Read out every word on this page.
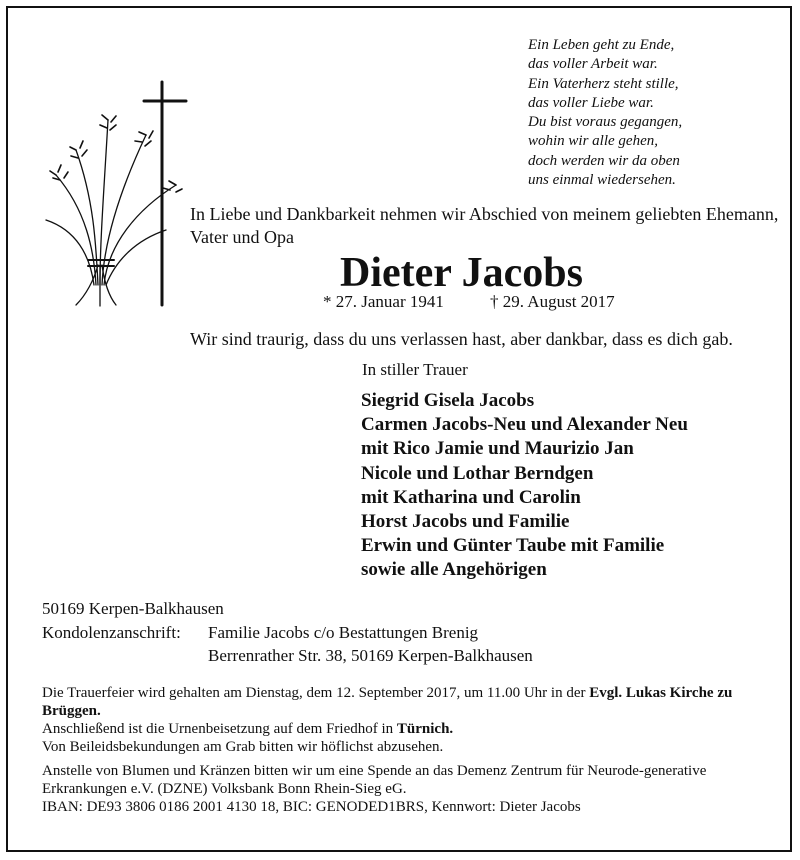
Ein Leben geht zu Ende,
das voller Arbeit war.
Ein Vaterherz steht stille,
das voller Liebe war.
Du bist voraus gegangen,
wohin wir alle gehen,
doch werden wir da oben
uns einmal wiedersehen.
In Liebe und Dankbarkeit nehmen wir Abschied von meinem geliebten Ehemann, Vater und Opa
Dieter Jacobs
* 27. Januar 1941	† 29. August 2017
Wir sind traurig, dass du uns verlassen hast, aber dankbar, dass es dich gab.
In stiller Trauer
Siegrid Gisela Jacobs
Carmen Jacobs-Neu und Alexander Neu
mit Rico Jamie und Maurizio Jan
Nicole und Lothar Berndgen
mit Katharina und Carolin
Horst Jacobs und Familie
Erwin und Günter Taube mit Familie
sowie alle Angehörigen
50169 Kerpen-Balkhausen
Kondolenzanschrift: Familie Jacobs c/o Bestattungen Brenig
Berrenrather Str. 38, 50169 Kerpen-Balkhausen

Die Trauerfeier wird gehalten am Dienstag, dem 12. September 2017, um 11.00 Uhr in der Evgl. Lukas Kirche zu Brüggen.

Anschließend ist die Urnenbeisetzung auf dem Friedhof in Türnich.

Von Beileidsbekundungen am Grab bitten wir höflichst abzusehen.

Anstelle von Blumen und Kränzen bitten wir um eine Spende an das Demenz Zentrum für Neurode-generative Erkrankungen e.V. (DZNE) Volksbank Bonn Rhein-Sieg eG.

IBAN: DE93 3806 0186 2001 4130 18, BIC: GENODED1BRS, Kennwort: Dieter Jacobs
